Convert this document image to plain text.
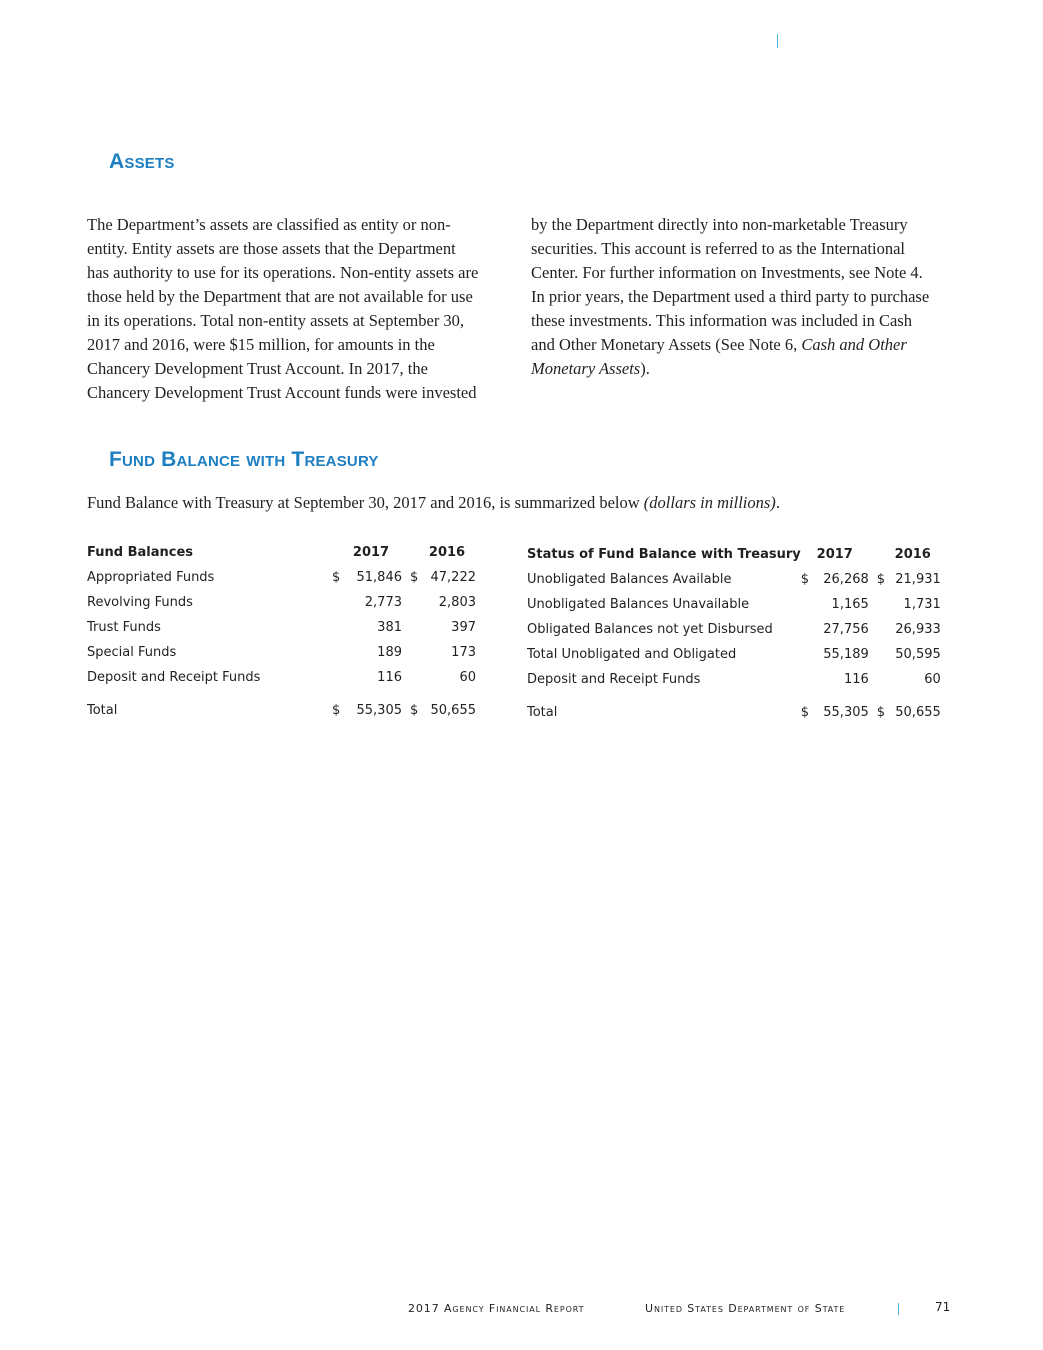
Assets
The Department’s assets are classified as entity or non-
entity. Entity assets are those assets that the Department
has authority to use for its operations. Non-entity assets are
those held by the Department that are not available for use
in its operations. Total non-entity assets at September 30,
2017 and 2016, were $15 million, for amounts in the
Chancery Development Trust Account. In 2017, the
Chancery Development Trust Account funds were invested
by the Department directly into non-marketable Treasury
securities. This account is referred to as the International
Center. For further information on Investments, see Note 4.
In prior years, the Department used a third party to purchase
these investments. This information was included in Cash
and Other Monetary Assets (See Note 6, Cash and Other
Monetary Assets).
Fund Balance with Treasury

Fund Balance with Treasury at September 30, 2017 and 2016, is summarized below (dollars in millions).

Fund Balances	2017		2016	
Appropriated Funds	$	51,846	$	47,222
Revolving Funds		2,773		2,803
Trust Funds		381		397
Special Funds		189		173
Deposit and Receipt Funds		116		60
Total	$	55,305	$	50,655
Status of Fund Balance with Treasury	2017		2016	
Unobligated Balances Available	$	26,268	$	21,931
Unobligated Balances Unavailable		1,165		1,731
Obligated Balances not yet Disbursed		27,756		26,933
Total Unobligated and Obligated		55,189		50,595
Deposit and Receipt Funds		116		60
Total	$	55,305	$	50,655
2017 Agency Financial Report	United States Department of State	71
